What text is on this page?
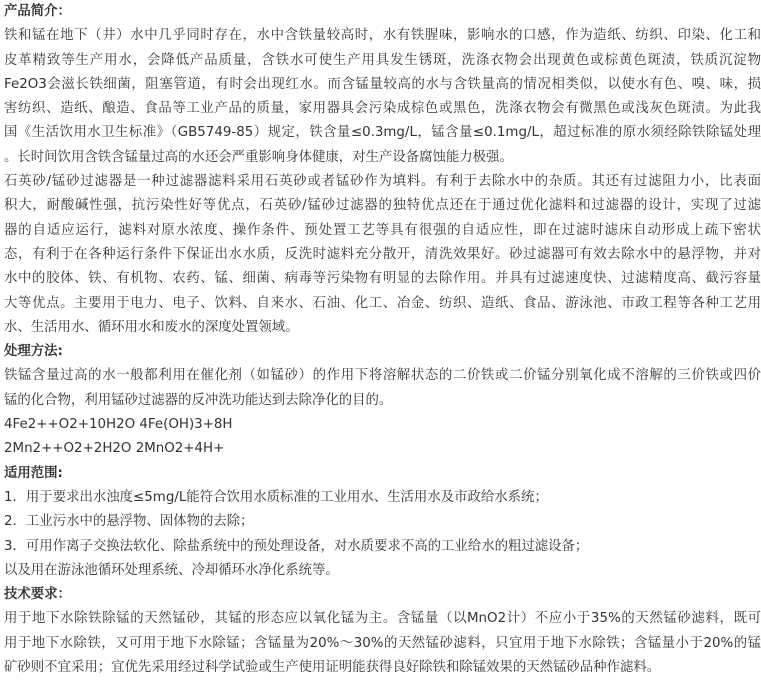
产品简介：
铁和锰在地下（井）水中几乎同时存在，水中含铁量较高时，水有铁腥味，影响水的口感，作为造纸、纺织、印染、化工和
皮革精致等生产用水，会降低产品质量，含铁水可使生产用具发生锈斑，洗涤衣物会出现黄色或棕黄色斑渍，铁质沉淀物
Fe2O3会滋长铁细菌，阻塞管道，有时会出现红水。而含锰量较高的水与含铁量高的情况相类似，以使水有色、嗅、味，损
害纺织、造纸、酿造、食品等工业产品的质量，家用器具会污染成棕色或黑色，洗涤衣物会有微黑色或浅灰色斑渍。为此我
国《生活饮用水卫生标准》（GB5749-85）规定，铁含量≤0.3mg/L，锰含量≤0.1mg/L，超过标准的原水须经除铁除锰处理
。长时间饮用含铁含锰量过高的水还会严重影响身体健康，对生产设备腐蚀能力极强。
石英砂/锰砂过滤器是一种过滤器滤料采用石英砂或者锰砂作为填料。有利于去除水中的杂质。其还有过滤阻力小，比表面
积大，耐酸碱性强，抗污染性好等优点，石英砂/锰砂过滤器的独特优点还在于通过优化滤料和过滤器的设计，实现了过滤
器的自适应运行，滤料对原水浓度、操作条件、预处置工艺等具有很强的自适应性，即在过滤时滤床自动形成上疏下密状
态，有利于在各种运行条件下保证出水水质，反洗时滤料充分散开，清洗效果好。砂过滤器可有效去除水中的悬浮物，并对
水中的胶体、铁、有机物、农药、锰、细菌、病毒等污染物有明显的去除作用。并具有过滤速度快、过滤精度高、截污容量
大等优点。主要用于电力、电子、饮料、自来水、石油、化工、冶金、纺织、造纸、食品、游泳池、市政工程等各种工艺用
水、生活用水、循环用水和废水的深度处置领域。
处理方法:
铁锰含量过高的水一般都利用在催化剂（如锰砂）的作用下将溶解状态的二价铁或二价锰分别氧化成不溶解的三价铁或四价
锰的化合物，利用锰砂过滤器的反冲洗功能达到去除净化的目的。
4Fe2++O2+10H2O 4Fe(OH)3+8H
2Mn2++O2+2H2O 2MnO2+4H+
适用范围:
1．用于要求出水浊度≤5mg/L能符合饮用水质标准的工业用水、生活用水及市政给水系统；
2．工业污水中的悬浮物、固体物的去除；
3．可用作离子交换法软化、除盐系统中的预处理设备，对水质要求不高的工业给水的粗过滤设备；
以及用在游泳池循环处理系统、冷却循环水净化系统等。
技术要求：
用于地下水除铁除锰的天然锰砂，其锰的形态应以氧化锰为主。含锰量（以MnO2计）不应小于35%的天然锰砂滤料，既可
用于地下水除铁，又可用于地下水除锰；含锰量为20%～30%的天然锰砂滤料，只宜用于地下水除铁；含锰量小于20%的锰
矿砂则不宜采用；宜优先采用经过科学试验或生产使用证明能获得良好除铁和除锰效果的天然锰砂品种作滤料。
